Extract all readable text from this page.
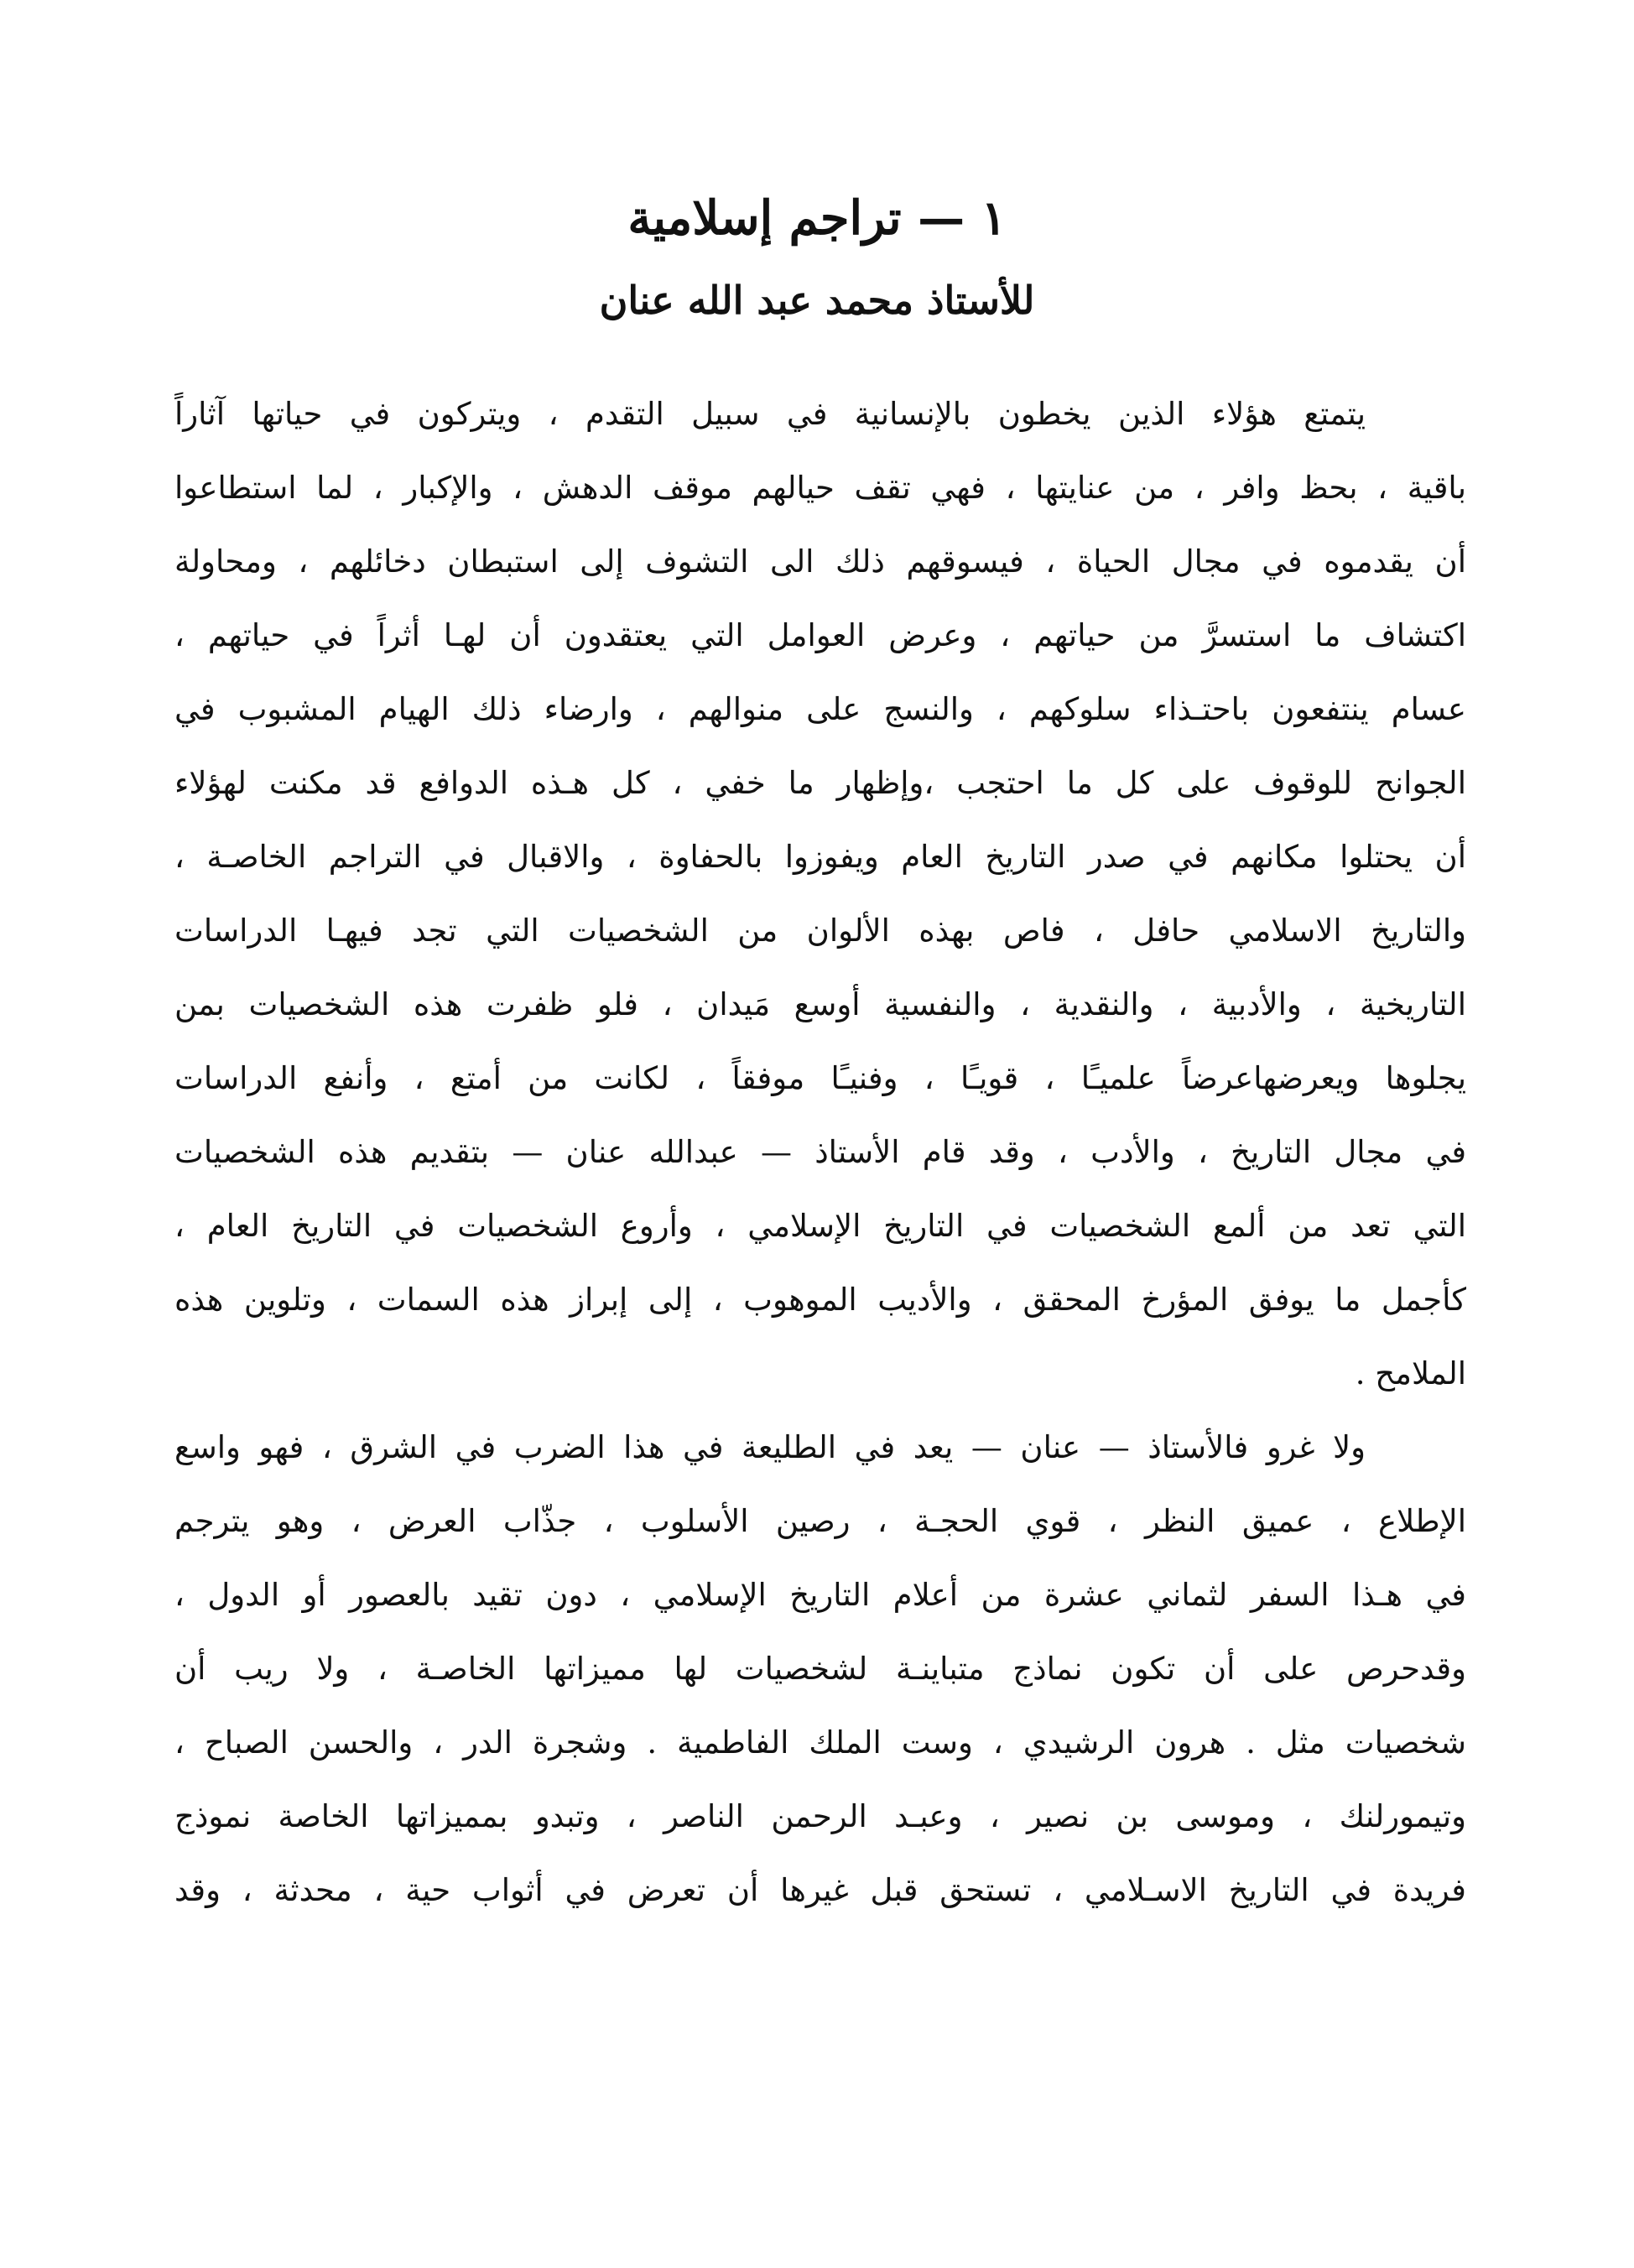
١ — تراجم إسلامية
للأستاذ محمد عبد الله عنان

يتمتع هؤلاء الذين يخطون بالإنسانية في سبيل التقدم ، ويتركون في حياتها آثاراً
باقية ، بحظ وافر ، من عنايتها ، فهي تقف حيالهم موقف الدهش ، والإكبار ، لما استطاعوا
أن يقدموه في مجال الحياة ، فيسوقهم ذلك الى التشوف إلى استبطان دخائلهم ، ومحاولة
اكتشاف ما استسرَّ من حياتهم ، وعرض العوامل التي يعتقدون أن لهـا أثراً في حياتهم ،
عسام ينتفعون باحتـذاء سلوكهم ، والنسج على منوالهم ، وارضاء ذلك الهيام المشبوب في
الجوانح للوقوف على كل ما احتجب ،وإظهار ما خفي ، كل هـذه الدوافع قد مكنت لهؤلاء
أن يحتلوا مكانهم في صدر التاريخ العام ويفوزوا بالحفاوة ، والاقبال في التراجم الخاصـة ،
والتاريخ الاسلامي حافل ، فاص بهذه الألوان من الشخصيات التي تجد فيهـا الدراسات
التاريخية ، والأدبية ، والنقدية ، والنفسية أوسع مَيدان ، فلو ظفرت هذه الشخصيات بمن
يجلوها ويعرضهاعرضاً علميـًا ، قويـًا ، وفنيـًا موفقاً ، لكانت من أمتع ، وأنفع الدراسات
في مجال التاريخ ، والأدب ، وقد قام الأستاذ — عبدالله عنان — بتقديم هذه الشخصيات
التي تعد من ألمع الشخصيات في التاريخ الإسلامي ، وأروع الشخصيات في التاريخ العام ،
كأجمل ما يوفق المؤرخ المحقق ، والأديب الموهوب ، إلى إبراز هذه السمات ، وتلوين هذه
الملامح .

ولا غرو فالأستاذ — عنان — يعد في الطليعة في هذا الضرب في الشرق ، فهو واسع
الإطلاع ، عميق النظر ، قوي الحجـة ، رصين الأسلوب ، جذّاب العرض ، وهو يترجم
في هـذا السفر لثماني عشرة من أعلام التاريخ الإسلامي ، دون تقيد بالعصور أو الدول ،
وقدحرص على أن تكون نماذج متباينـة لشخصيات لها مميزاتها الخاصـة ، ولا ريب أن
شخصيات مثل . هرون الرشيدي ، وست الملك الفاطمية . وشجرة الدر ، والحسن الصباح ،
وتيمورلنك ، وموسى بن نصير ، وعبـد الرحمن الناصر ، وتبدو بمميزاتها الخاصة نموذج
فريدة في التاريخ الاسـلامي ، تستحق قبل غيرها أن تعرض في أثواب حية ، محدثة ، وقد
